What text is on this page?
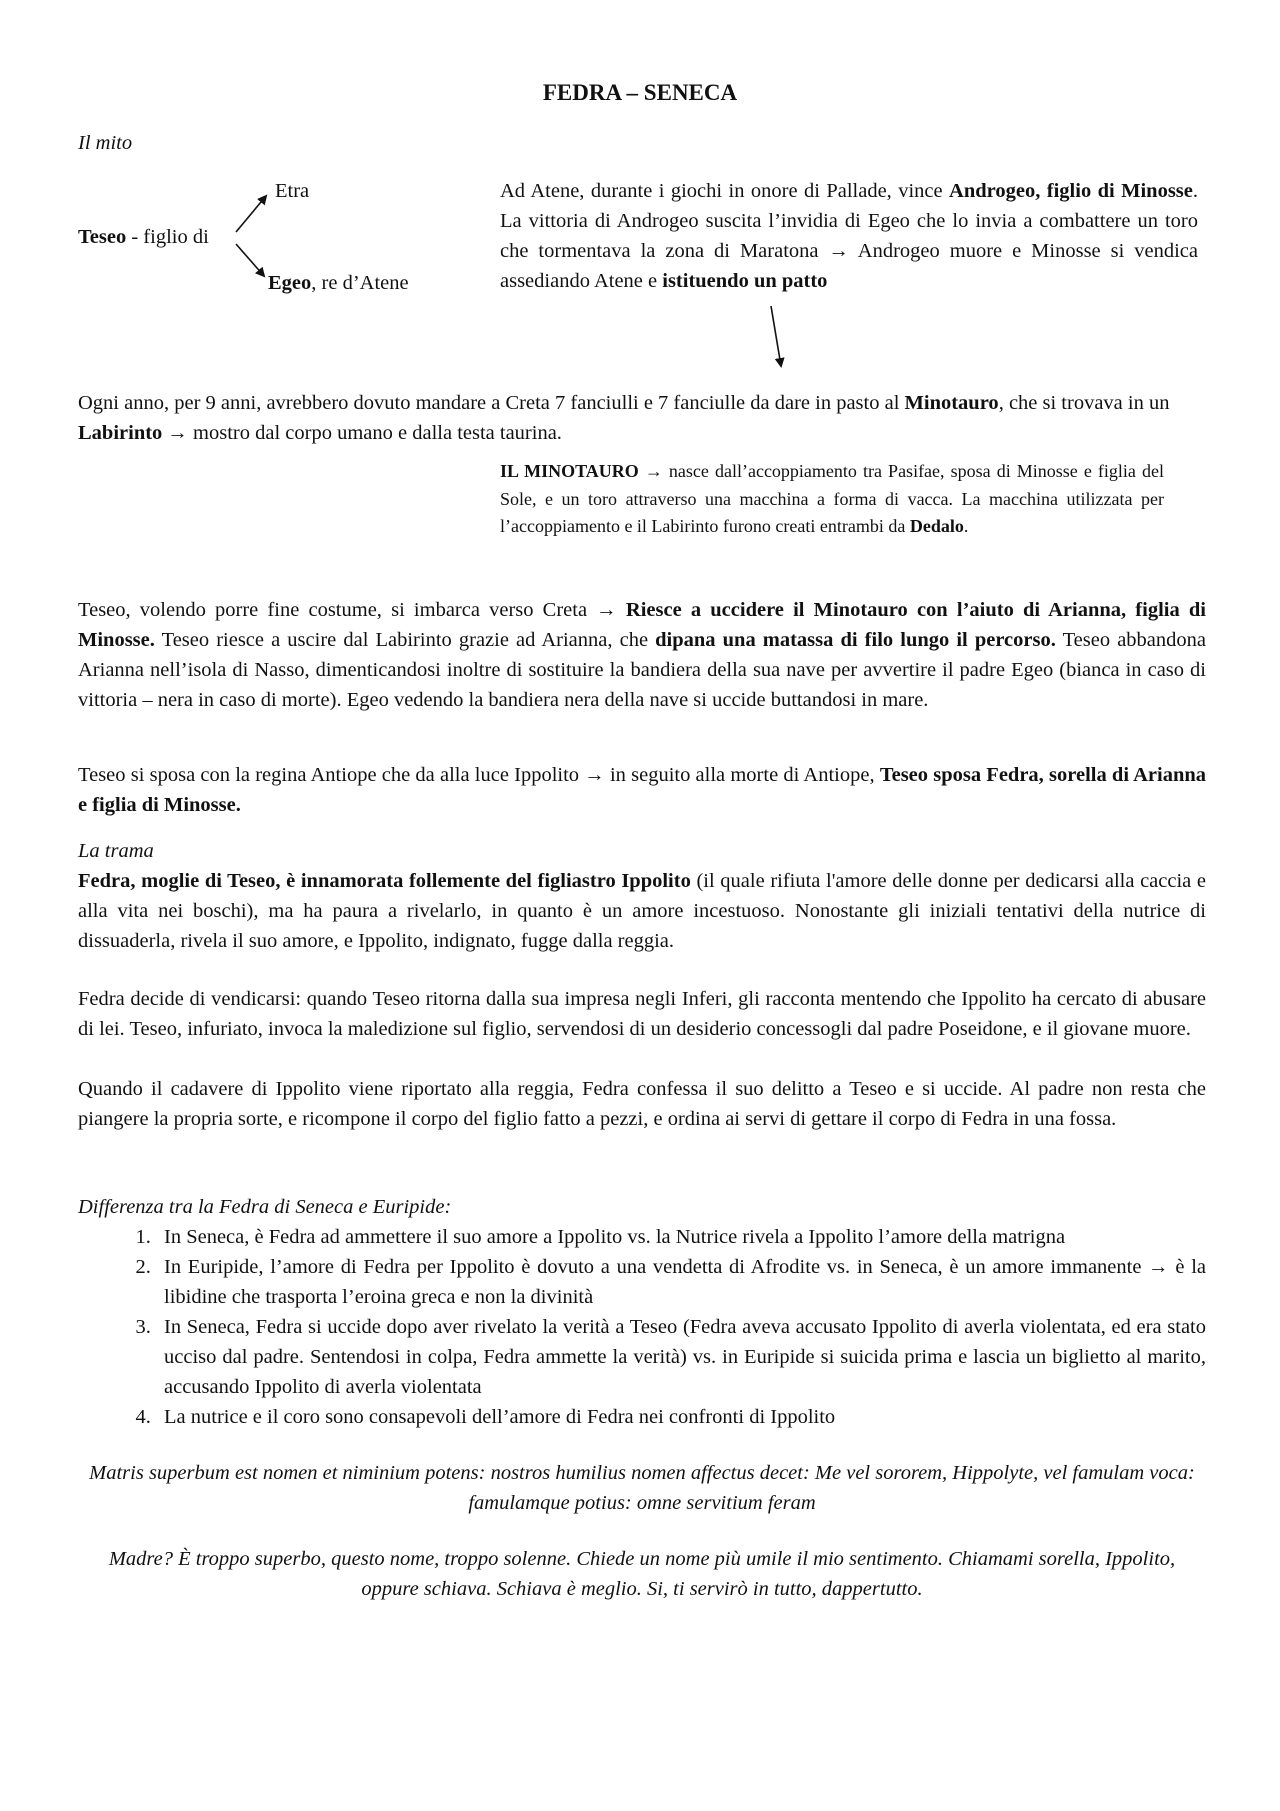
FEDRA – SENECA
Il mito
Teseo - figlio di
Etra
Egeo, re d’Atene
Ad Atene, durante i giochi in onore di Pallade, vince Androgeo, figlio di Minosse. La vittoria di Androgeo suscita l’invidia di Egeo che lo invia a combattere un toro che tormentava la zona di Maratona → Androgeo muore e Minosse si vendica assediando Atene e istituendo un patto
Ogni anno, per 9 anni, avrebbero dovuto mandare a Creta 7 fanciulli e 7 fanciulle da dare in pasto al Minotauro, che si trovava in un Labirinto → mostro dal corpo umano e dalla testa taurina.
IL MINOTAURO → nasce dall’accoppiamento tra Pasifae, sposa di Minosse e figlia del Sole, e un toro attraverso una macchina a forma di vacca. La macchina utilizzata per l’accoppiamento e il Labirinto furono creati entrambi da Dedalo.
Teseo, volendo porre fine costume, si imbarca verso Creta → Riesce a uccidere il Minotauro con l’aiuto di Arianna, figlia di Minosse. Teseo riesce a uscire dal Labirinto grazie ad Arianna, che dipana una matassa di filo lungo il percorso. Teseo abbandona Arianna nell’isola di Nasso, dimenticandosi inoltre di sostituire la bandiera della sua nave per avvertire il padre Egeo (bianca in caso di vittoria – nera in caso di morte). Egeo vedendo la bandiera nera della nave si uccide buttandosi in mare.
Teseo si sposa con la regina Antiope che da alla luce Ippolito → in seguito alla morte di Antiope, Teseo sposa Fedra, sorella di Arianna e figlia di Minosse.
La trama
Fedra, moglie di Teseo, è innamorata follemente del figliastro Ippolito (il quale rifiuta l'amore delle donne per dedicarsi alla caccia e alla vita nei boschi), ma ha paura a rivelarlo, in quanto è un amore incestuoso. Nonostante gli iniziali tentativi della nutrice di dissuaderla, rivela il suo amore, e Ippolito, indignato, fugge dalla reggia.
Fedra decide di vendicarsi: quando Teseo ritorna dalla sua impresa negli Inferi, gli racconta mentendo che Ippolito ha cercato di abusare di lei. Teseo, infuriato, invoca la maledizione sul figlio, servendosi di un desiderio concessogli dal padre Poseidone, e il giovane muore.
Quando il cadavere di Ippolito viene riportato alla reggia, Fedra confessa il suo delitto a Teseo e si uccide. Al padre non resta che piangere la propria sorte, e ricompone il corpo del figlio fatto a pezzi, e ordina ai servi di gettare il corpo di Fedra in una fossa.
Differenza tra la Fedra di Seneca e Euripide:
1. In Seneca, è Fedra ad ammettere il suo amore a Ippolito vs. la Nutrice rivela a Ippolito l’amore della matrigna
2. In Euripide, l’amore di Fedra per Ippolito è dovuto a una vendetta di Afrodite vs. in Seneca, è un amore immanente → è la libidine che trasporta l’eroina greca e non la divinità
3. In Seneca, Fedra si uccide dopo aver rivelato la verità a Teseo (Fedra aveva accusato Ippolito di averla violentata, ed era stato ucciso dal padre. Sentendosi in colpa, Fedra ammette la verità) vs. in Euripide si suicida prima e lascia un biglietto al marito, accusando Ippolito di averla violentata
4. La nutrice e il coro sono consapevoli dell’amore di Fedra nei confronti di Ippolito
Matris superbum est nomen et niminium potens: nostros humilius nomen affectus decet: Me vel sororem, Hippolyte, vel famulam voca: famulamque potius: omne servitium feram
Madre? È troppo superbo, questo nome, troppo solenne. Chiede un nome più umile il mio sentimento. Chiamami sorella, Ippolito, oppure schiava. Schiava è meglio. Si, ti servirò in tutto, dappertutto.
